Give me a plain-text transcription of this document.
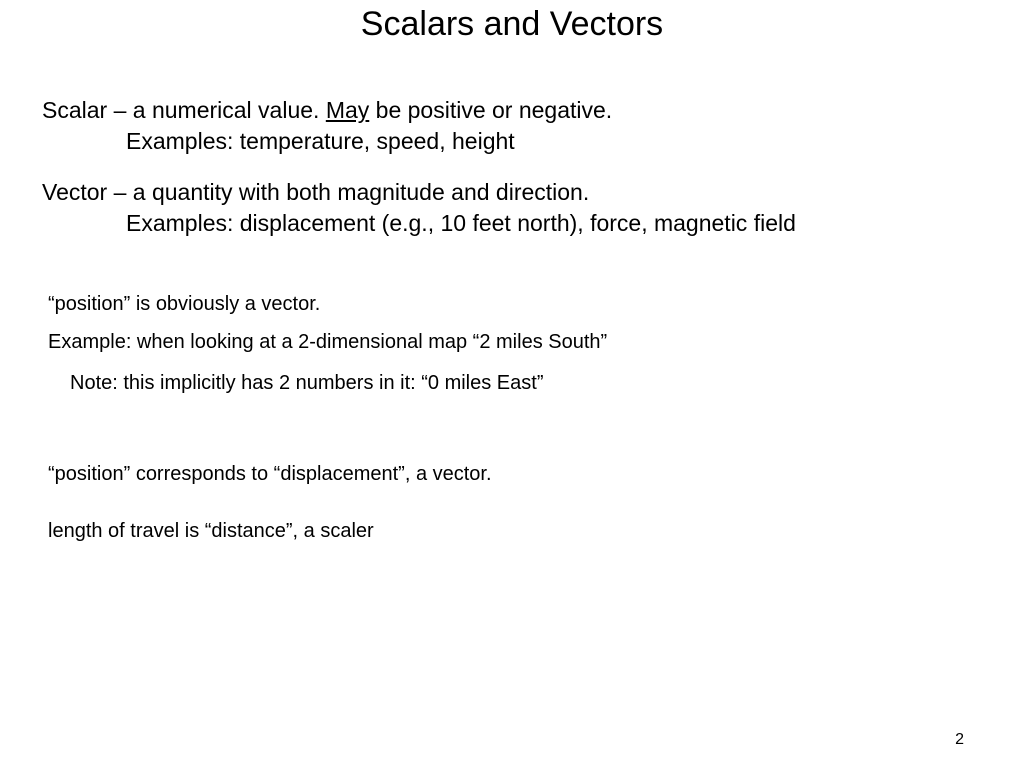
Scalars and Vectors
Scalar – a numerical value. May be positive or negative.
Examples: temperature, speed, height
Vector – a quantity with both magnitude and direction.
Examples: displacement (e.g., 10 feet north), force, magnetic field
“position” is obviously a vector.
Example: when looking at a 2-dimensional map “2 miles South”
Note: this implicitly has 2 numbers in it: “0 miles East”
“position” corresponds to “displacement”, a vector.
length of travel is “distance”, a scaler
2
